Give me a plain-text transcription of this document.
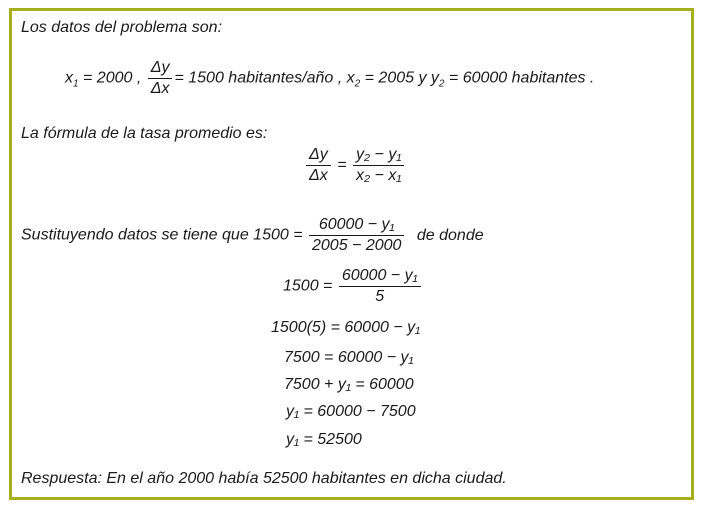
Los datos del problema son:
$x_1 = 2000$ , $\frac{\Delta y}{\Delta x} = 1500$ habitantes/año , $x_2 = 2005$ y $y_2 = 60000$ habitantes .
La fórmula de la tasa promedio es:
$\frac{\Delta y}{\Delta x} = \frac{\text{y₂ − y₁}}{\text{x₂ − x₁}}$
Sustituyendo datos se tiene que $1500 = \frac{\text{60000 − y₁}}{2005 - 2000}$ de donde
$1500 = \frac{\text{60000 − y₁}}{5}$
1500(5) = 60000 − y₁
7500 = 60000 − y₁
7500 + y₁ = 60000
y₁ = 60000 − 7500
y₁ = 52500
Respuesta: En el año 2000 había 52500 habitantes en dicha ciudad.
